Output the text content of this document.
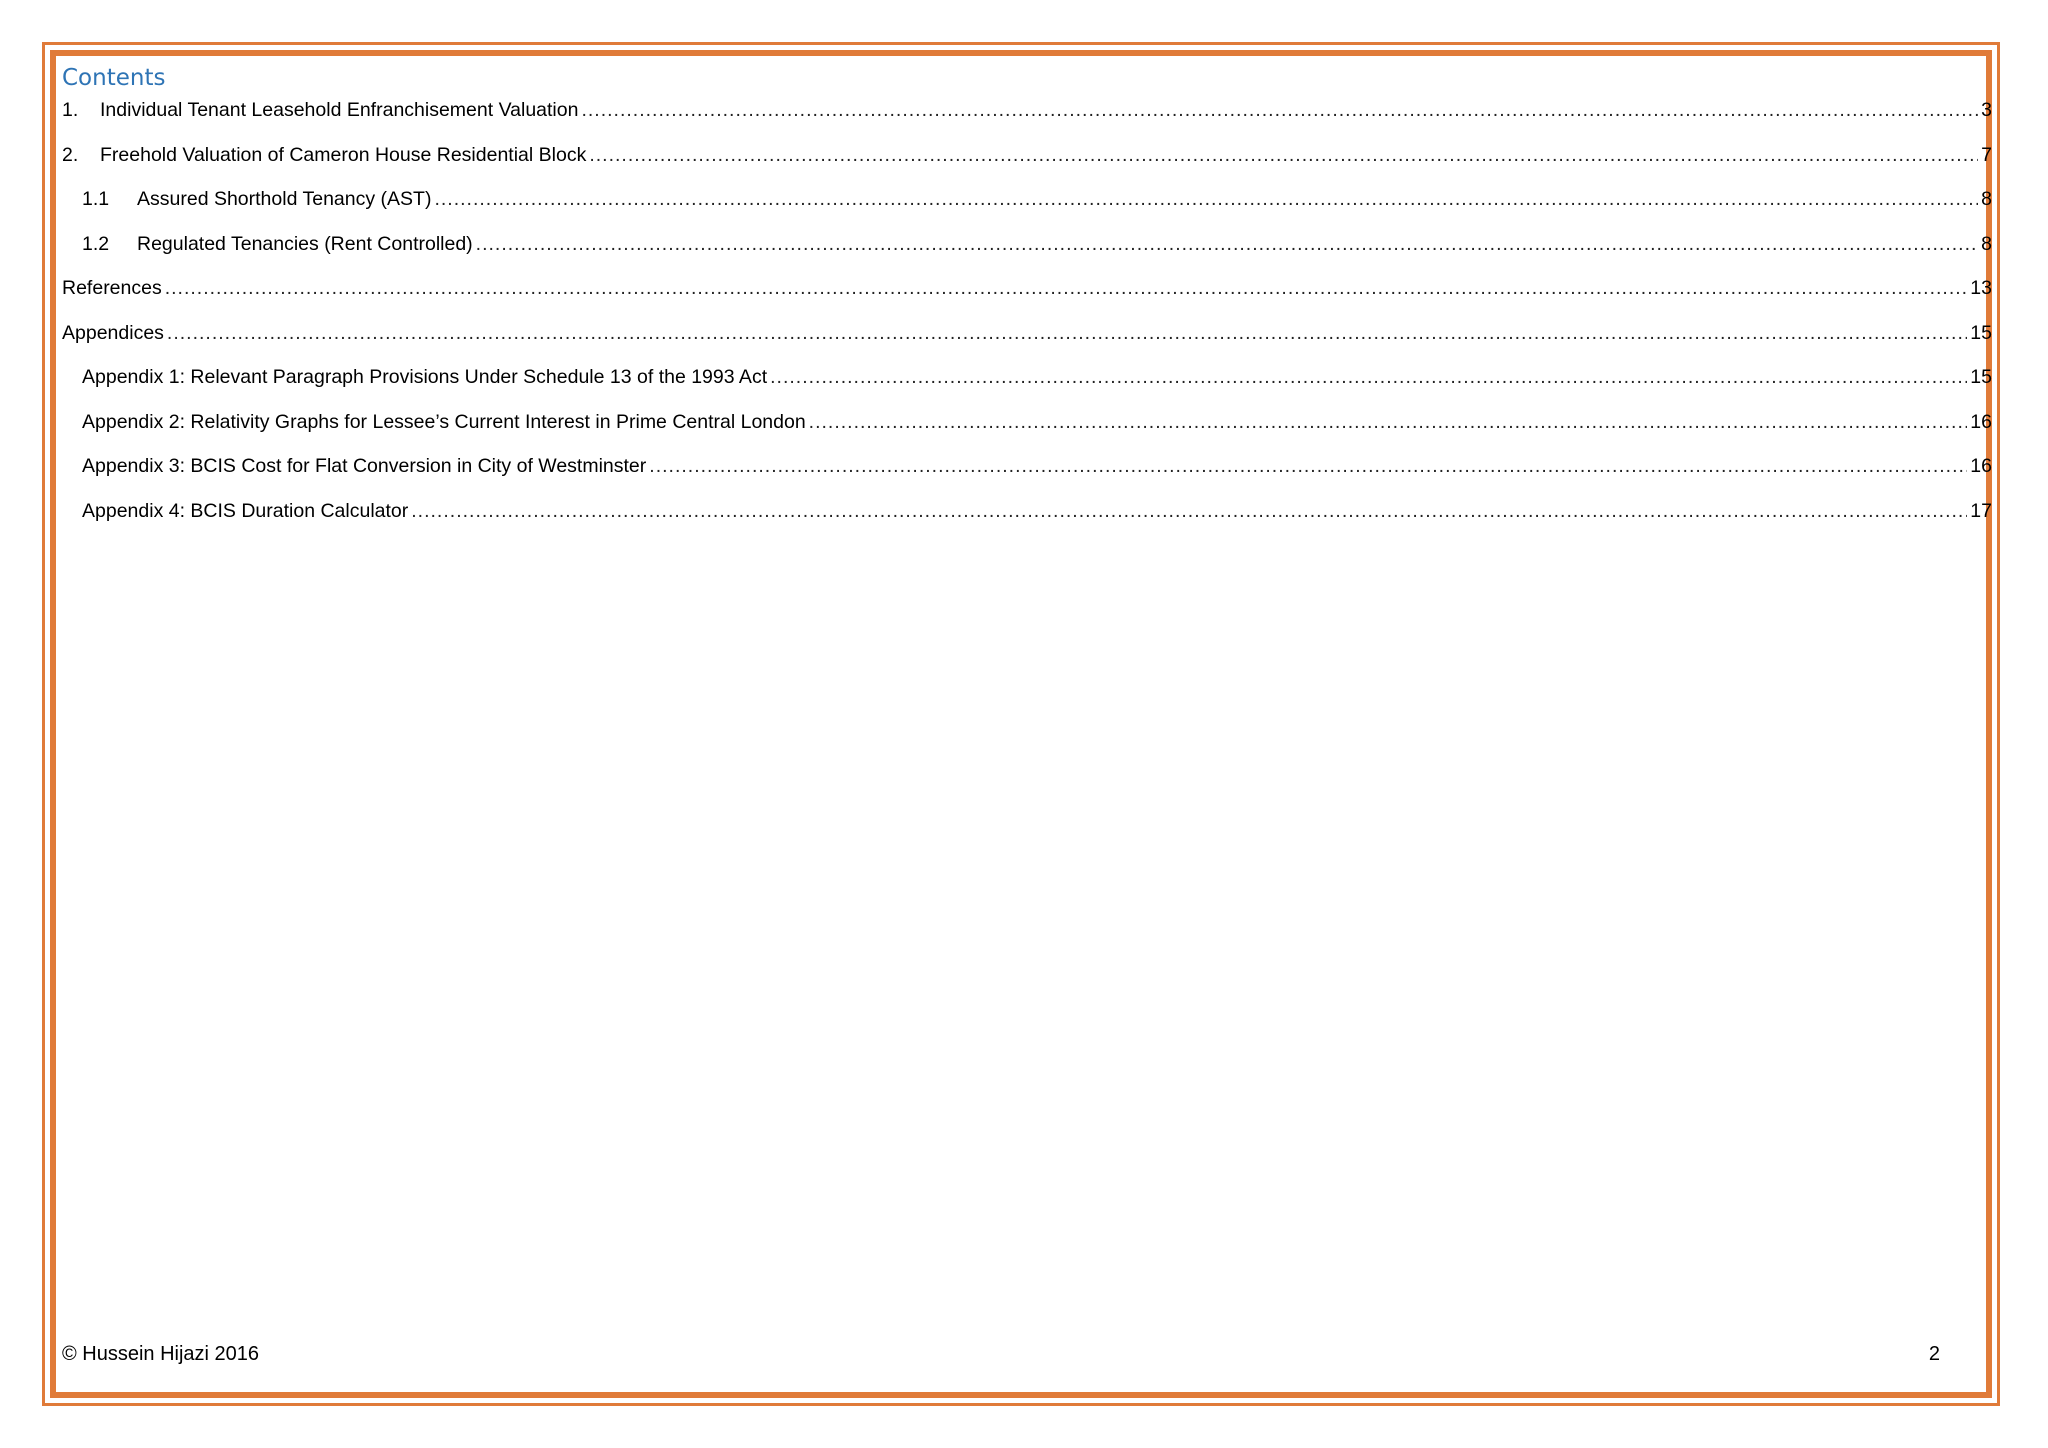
Contents
1.	Individual Tenant Leasehold Enfranchisement Valuation .....	3
2.	Freehold Valuation of Cameron House Residential Block .....	7
1.1	Assured Shorthold Tenancy (AST) .....	8
1.2	Regulated Tenancies (Rent Controlled) .....	8
References .....	13
Appendices .....	15
Appendix 1: Relevant Paragraph Provisions Under Schedule 13 of the 1993 Act .....	15
Appendix 2: Relativity Graphs for Lessee’s Current Interest in Prime Central London .....	16
Appendix 3: BCIS Cost for Flat Conversion in City of Westminster .....	16
Appendix 4: BCIS Duration Calculator .....	17
© Hussein Hijazi 2016	2
